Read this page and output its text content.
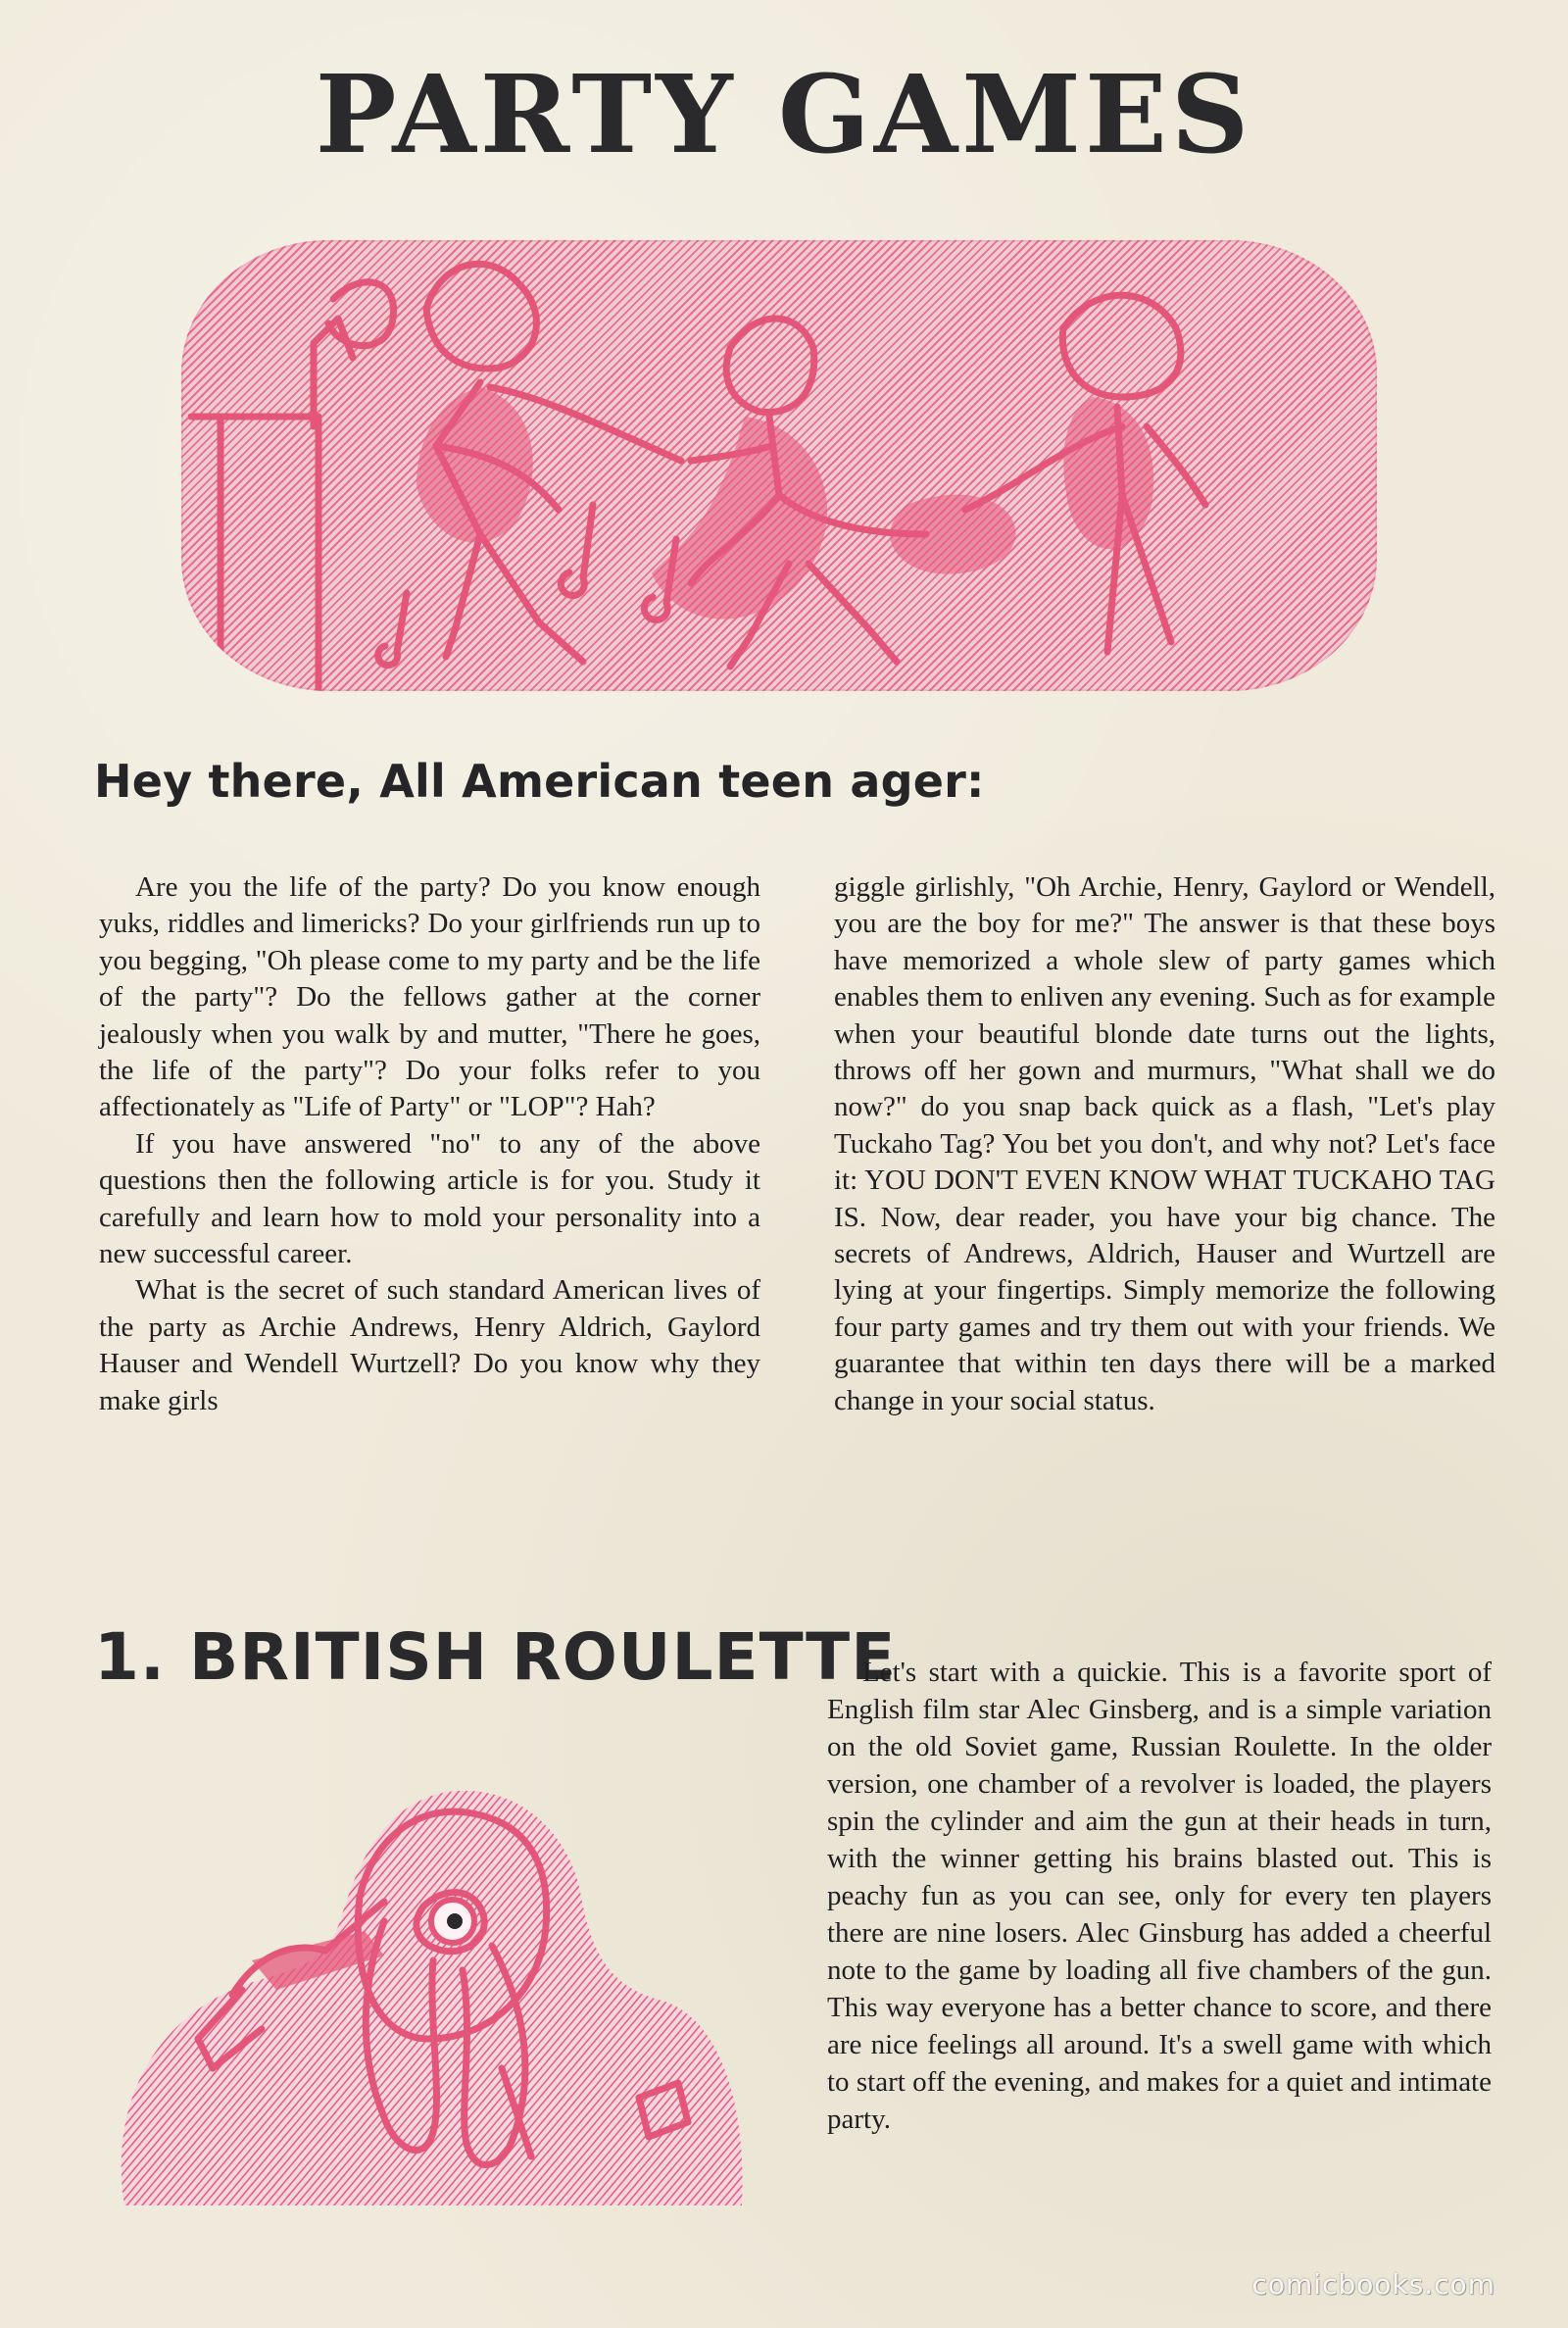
PARTY GAMES
Hey there, All American teen ager:

Are you the life of the party? Do you know enough yuks, riddles and limericks? Do your girlfriends run up to you begging, "Oh please come to my party and be the life of the party"? Do the fellows gather at the corner jealously when you walk by and mutter, "There he goes, the life of the party"? Do your folks refer to you affectionately as "Life of Party" or "LOP"? Hah?

If you have answered "no" to any of the above questions then the following article is for you. Study it carefully and learn how to mold your personality into a new successful career.

What is the secret of such standard American lives of the party as Archie Andrews, Henry Aldrich, Gaylord Hauser and Wendell Wurtzell? Do you know why they make girls

giggle girlishly, "Oh Archie, Henry, Gaylord or Wendell, you are the boy for me?" The answer is that these boys have memorized a whole slew of party games which enables them to enliven any evening. Such as for example when your beautiful blonde date turns out the lights, throws off her gown and murmurs, "What shall we do now?" do you snap back quick as a flash, "Let's play Tuckaho Tag? You bet you don't, and why not? Let's face it: YOU DON'T EVEN KNOW WHAT TUCKAHO TAG IS. Now, dear reader, you have your big chance. The secrets of Andrews, Aldrich, Hauser and Wurtzell are lying at your fingertips. Simply memorize the following four party games and try them out with your friends. We guarantee that within ten days there will be a marked change in your social status.

1. BRITISH ROULETTE

Let's start with a quickie. This is a favorite sport of English film star Alec Ginsberg, and is a simple variation on the old Soviet game, Russian Roulette. In the older version, one chamber of a revolver is loaded, the players spin the cylinder and aim the gun at their heads in turn, with the winner getting his brains blasted out. This is peachy fun as you can see, only for every ten players there are nine losers. Alec Ginsburg has added a cheerful note to the game by loading all five chambers of the gun. This way everyone has a better chance to score, and there are nice feelings all around. It's a swell game with which to start off the evening, and makes for a quiet and intimate party.

comicbooks.com
